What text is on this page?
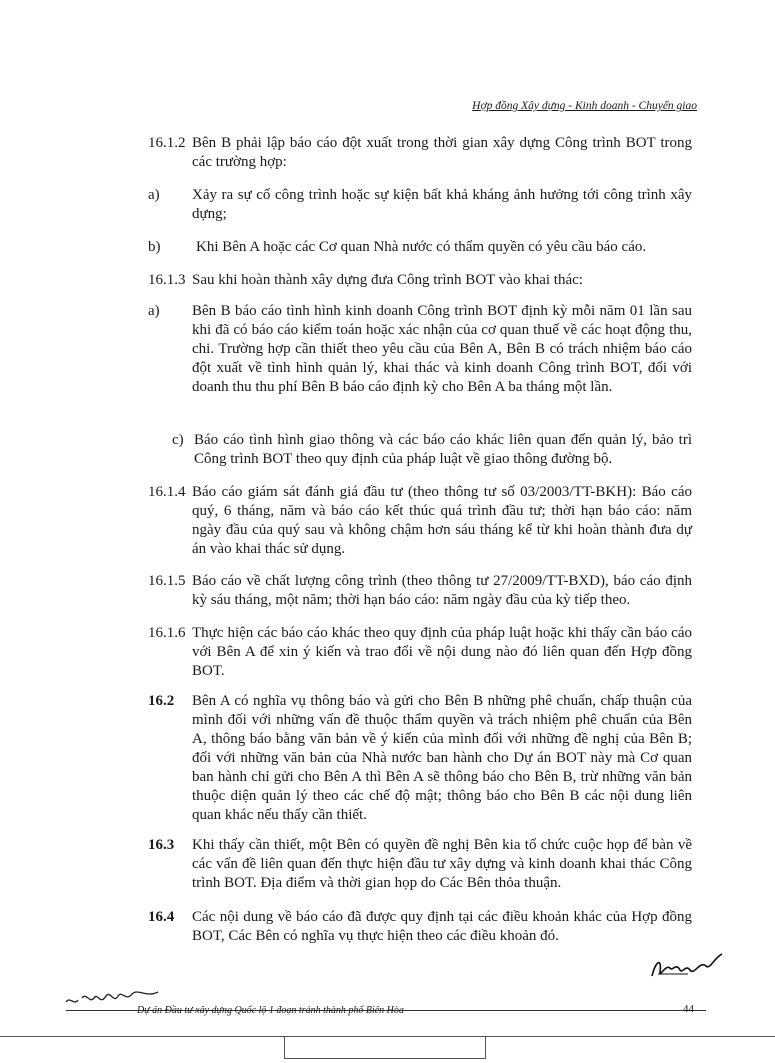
Hợp đồng Xây dựng - Kinh doanh - Chuyển giao
16.1.2 Bên B phải lập báo cáo đột xuất trong thời gian xây dựng Công trình BOT trong các trường hợp:
a) Xảy ra sự cố công trình hoặc sự kiện bất khả kháng ảnh hưởng tới công trình xây dựng;
b) Khi Bên A hoặc các Cơ quan Nhà nước có thẩm quyền có yêu cầu báo cáo.
16.1.3 Sau khi hoàn thành xây dựng đưa Công trình BOT vào khai thác:
a) Bên B báo cáo tình hình kinh doanh Công trình BOT định kỳ mỗi năm 01 lần sau khi đã có báo cáo kiểm toán hoặc xác nhận của cơ quan thuế về các hoạt động thu, chi. Trường hợp cần thiết theo yêu cầu của Bên A, Bên B có trách nhiệm báo cáo đột xuất về tình hình quản lý, khai thác và kinh doanh Công trình BOT, đối với doanh thu thu phí Bên B báo cáo định kỳ cho Bên A ba tháng một lần.
c) Báo cáo tình hình giao thông và các báo cáo khác liên quan đến quản lý, bảo trì Công trình BOT theo quy định của pháp luật về giao thông đường bộ.
16.1.4 Báo cáo giám sát đánh giá đầu tư (theo thông tư số 03/2003/TT-BKH): Báo cáo quý, 6 tháng, năm và báo cáo kết thúc quá trình đầu tư; thời hạn báo cáo: năm ngày đầu của quý sau và không chậm hơn sáu tháng kể từ khi hoàn thành đưa dự án vào khai thác sử dụng.
16.1.5 Báo cáo về chất lượng công trình (theo thông tư 27/2009/TT-BXD), báo cáo định kỳ sáu tháng, một năm; thời hạn báo cáo: năm ngày đầu của kỳ tiếp theo.
16.1.6 Thực hiện các báo cáo khác theo quy định của pháp luật hoặc khi thấy cần báo cáo với Bên A để xin ý kiến và trao đổi về nội dung nào đó liên quan đến Hợp đồng BOT.
16.2 Bên A có nghĩa vụ thông báo và gửi cho Bên B những phê chuẩn, chấp thuận của mình đối với những vấn đề thuộc thẩm quyền và trách nhiệm phê chuẩn của Bên A, thông báo bằng văn bản về ý kiến của mình đối với những đề nghị của Bên B; đối với những văn bản của Nhà nước ban hành cho Dự án BOT này mà Cơ quan ban hành chỉ gửi cho Bên A thì Bên A sẽ thông báo cho Bên B, trừ những văn bản thuộc diện quản lý theo các chế độ mật; thông báo cho Bên B các nội dung liên quan khác nếu thấy cần thiết.
16.3 Khi thấy cần thiết, một Bên có quyền đề nghị Bên kia tổ chức cuộc họp để bàn về các vấn đề liên quan đến thực hiện đầu tư xây dựng và kinh doanh khai thác Công trình BOT. Địa điểm và thời gian họp do Các Bên thỏa thuận.
16.4 Các nội dung về báo cáo đã được quy định tại các điều khoản khác của Hợp đồng BOT, Các Bên có nghĩa vụ thực hiện theo các điều khoản đó.
Dự án Đầu tư xây dựng Quốc lộ 1 đoạn tránh thành phố Biên Hòa	44
